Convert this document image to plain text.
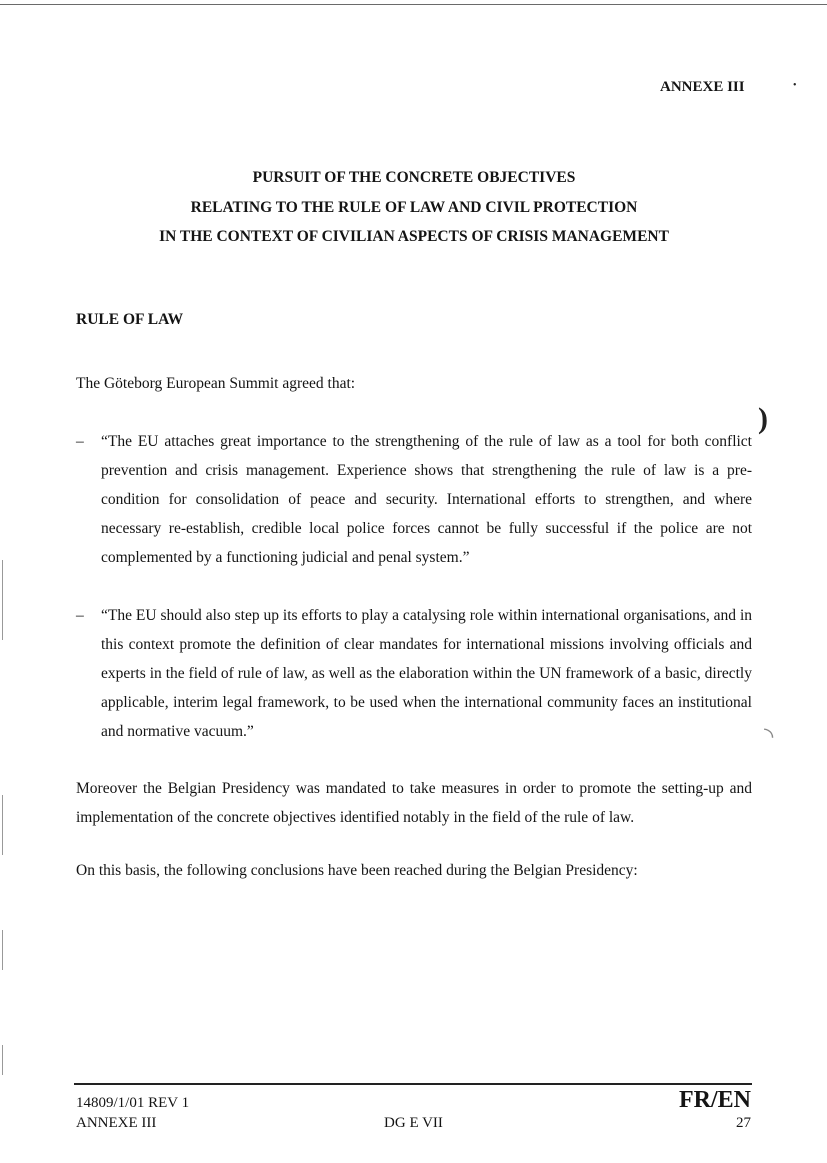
)
◝
•
ANNEXE III
PURSUIT OF THE CONCRETE OBJECTIVES
RELATING TO THE RULE OF LAW AND CIVIL PROTECTION
IN THE CONTEXT OF CIVILIAN ASPECTS OF CRISIS MANAGEMENT
RULE OF LAW
The Göteborg European Summit agreed that:
– “The EU attaches great importance to the strengthening of the rule of law as a tool for both conflict prevention and crisis management. Experience shows that strengthening the rule of law is a pre-condition for consolidation of peace and security. International efforts to strengthen, and where necessary re-establish, credible local police forces cannot be fully successful if the police are not complemented by a functioning judicial and penal system.”
– “The EU should also step up its efforts to play a catalysing role within international organisations, and in this context promote the definition of clear mandates for international missions involving officials and experts in the field of rule of law, as well as the elaboration within the UN framework of a basic, directly applicable, interim legal framework, to be used when the international community faces an institutional and normative vacuum.”
Moreover the Belgian Presidency was mandated to take measures in order to promote the setting-up and implementation of the concrete objectives identified notably in the field of the rule of law.
On this basis, the following conclusions have been reached during the Belgian Presidency:
14809/1/01 REV 1
ANNEXE III	DG E VII
FR/EN
27
